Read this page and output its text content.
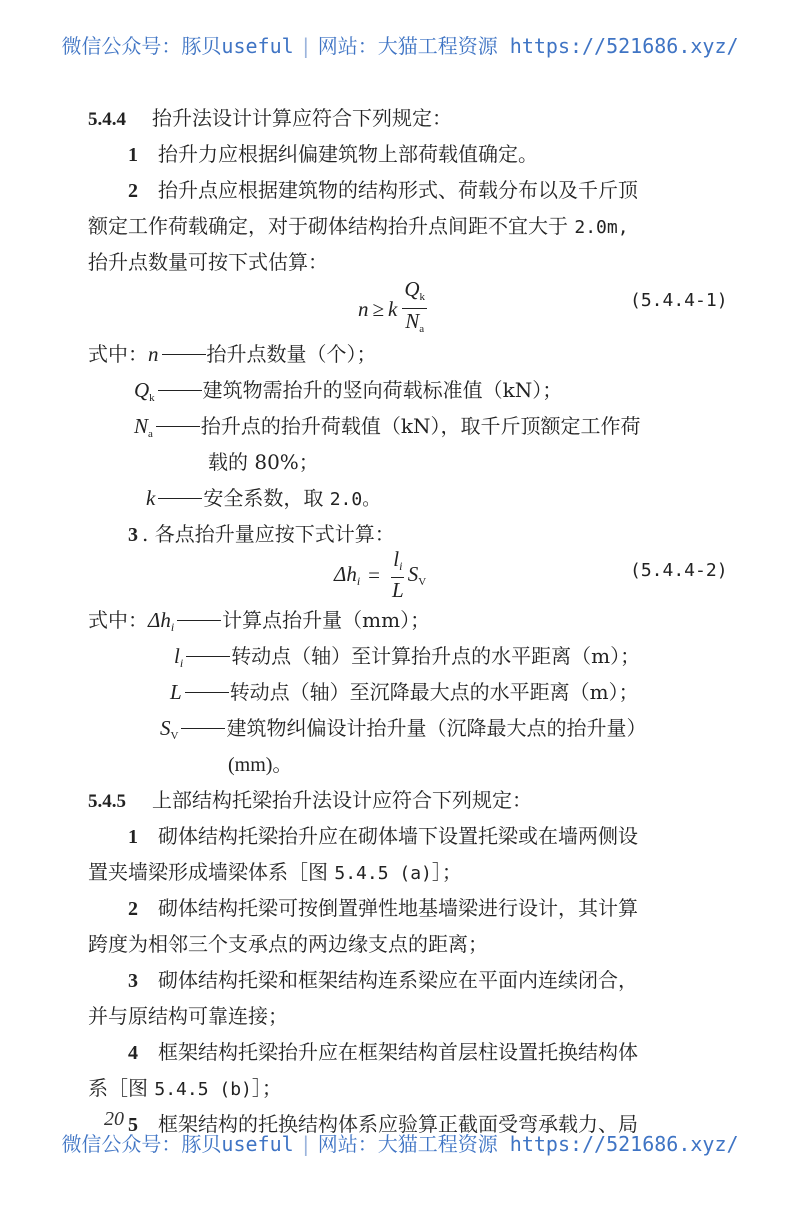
微信公众号：豚贝useful | 网站：大猫工程资源 https://521686.xyz/
5.4.4 抬升法设计计算应符合下列规定：
1 抬升力应根据纠偏建筑物上部荷载值确定。
2 抬升点应根据建筑物的结构形式、荷载分布以及千斤顶
额定工作荷载确定，对于砌体结构抬升点间距不宜大于 2.0m,
抬升点数量可按下式估算：
n ≥ k $\frac{Q_k}{N_a}$	(5.4.4-1)
式中：n 抬升点数量（个）；
$Q_k$ 建筑物需抬升的竖向荷载标准值（kN）；
$N_a$ 抬升点的抬升荷载值（kN），取千斤顶额定工作荷
载的 80%；
k 安全系数，取 2.0。
3 . 各点抬升量应按下式计算：
$\Delta hi = \frac{li}{L} S_V$
(5.4.4-2)
式中：Δhi 计算点抬升量（mm）；
li 转动点（轴）至计算抬升点的水平距离（m）；
L 转动点（轴）至沉降最大点的水平距离（m）；
$S_V$ 建筑物纠偏设计抬升量（沉降最大点的抬升量）
(mm)。
5.4.5 上部结构托梁抬升法设计应符合下列规定：
1 砌体结构托梁抬升应在砌体墙下设置托梁或在墙两侧设
置夹墙梁形成墙梁体系［图 5.4.5 (a)］；
2 砌体结构托梁可按倒置弹性地基墙梁进行设计，其计算
跨度为相邻三个支承点的两边缘支点的距离；
3 砌体结构托梁和框架结构连系梁应在平面内连续闭合，
并与原结构可靠连接；
4 框架结构托梁抬升应在框架结构首层柱设置托换结构体
系［图 5.4.5 (b)］；
5 框架结构的托换结构体系应验算正截面受弯承载力、局
20
微信公众号：豚贝useful | 网站：大猫工程资源 https://521686.xyz/
